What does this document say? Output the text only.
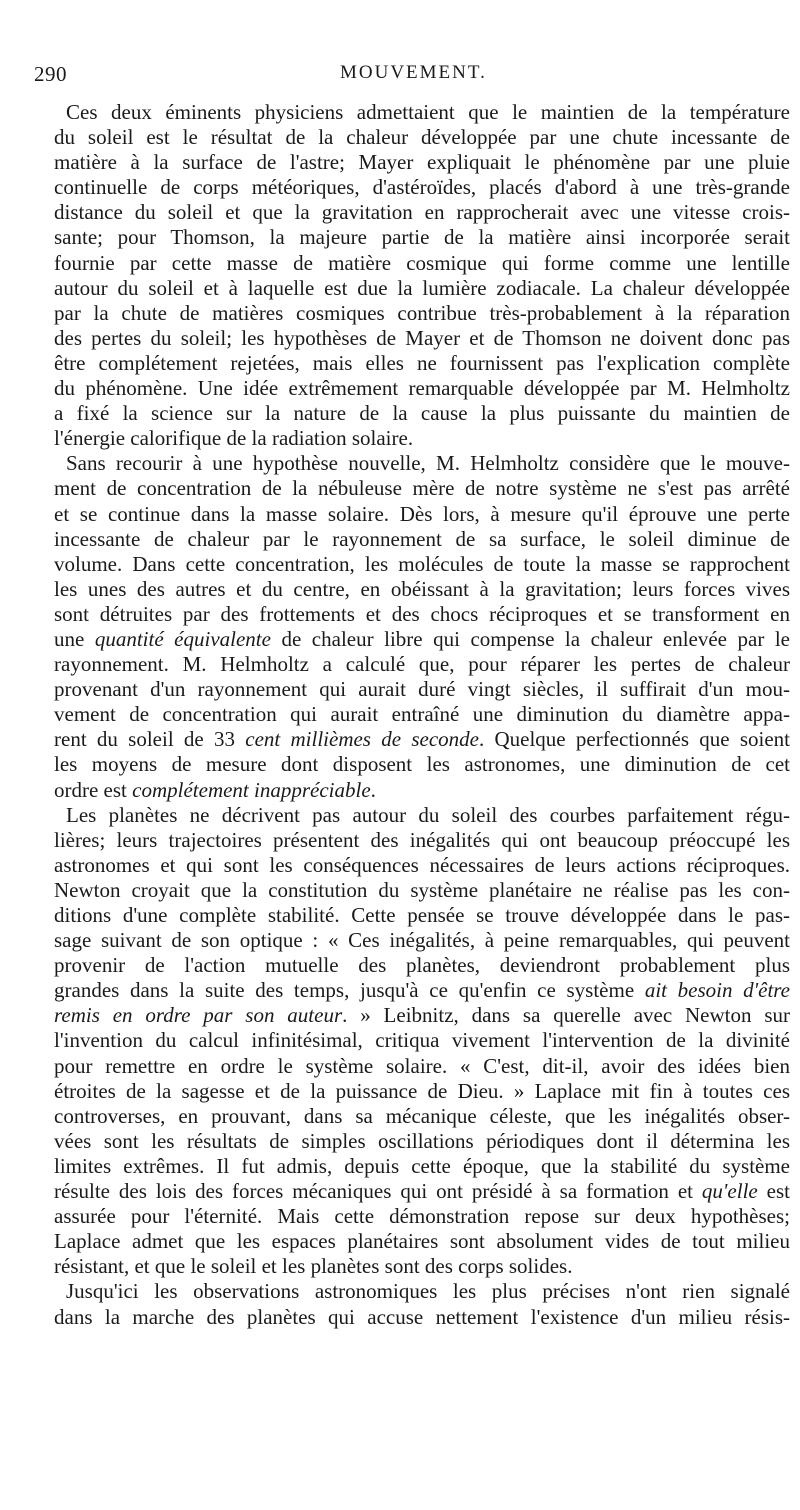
290	MOUVEMENT.
Ces deux éminents physiciens admettaient que le maintien de la température
du soleil est le résultat de la chaleur développée par une chute incessante de
matière à la surface de l'astre; Mayer expliquait le phénomène par une pluie
continuelle de corps météoriques, d'astéroïdes, placés d'abord à une très-grande
distance du soleil et que la gravitation en rapprocherait avec une vitesse crois-
sante; pour Thomson, la majeure partie de la matière ainsi incorporée serait
fournie par cette masse de matière cosmique qui forme comme une lentille
autour du soleil et à laquelle est due la lumière zodiacale. La chaleur développée
par la chute de matières cosmiques contribue très-probablement à la réparation
des pertes du soleil; les hypothèses de Mayer et de Thomson ne doivent donc pas
être complétement rejetées, mais elles ne fournissent pas l'explication complète
du phénomène. Une idée extrêmement remarquable développée par M. Helmholtz
a fixé la science sur la nature de la cause la plus puissante du maintien de
l'énergie calorifique de la radiation solaire.
Sans recourir à une hypothèse nouvelle, M. Helmholtz considère que le mouve-
ment de concentration de la nébuleuse mère de notre système ne s'est pas arrêté
et se continue dans la masse solaire. Dès lors, à mesure qu'il éprouve une perte
incessante de chaleur par le rayonnement de sa surface, le soleil diminue de
volume. Dans cette concentration, les molécules de toute la masse se rapprochent
les unes des autres et du centre, en obéissant à la gravitation; leurs forces vives
sont détruites par des frottements et des chocs réciproques et se transforment en
une quantité équivalente de chaleur libre qui compense la chaleur enlevée par le
rayonnement. M. Helmholtz a calculé que, pour réparer les pertes de chaleur
provenant d'un rayonnement qui aurait duré vingt siècles, il suffirait d'un mou-
vement de concentration qui aurait entraîné une diminution du diamètre appa-
rent du soleil de 33 cent millièmes de seconde. Quelque perfectionnés que soient
les moyens de mesure dont disposent les astronomes, une diminution de cet
ordre est complétement inappréciable.
Les planètes ne décrivent pas autour du soleil des courbes parfaitement régu-
lières; leurs trajectoires présentent des inégalités qui ont beaucoup préoccupé les
astronomes et qui sont les conséquences nécessaires de leurs actions réciproques.
Newton croyait que la constitution du système planétaire ne réalise pas les con-
ditions d'une complète stabilité. Cette pensée se trouve développée dans le pas-
sage suivant de son optique : « Ces inégalités, à peine remarquables, qui peuvent
provenir de l'action mutuelle des planètes, deviendront probablement plus
grandes dans la suite des temps, jusqu'à ce qu'enfin ce système ait besoin d'être
remis en ordre par son auteur. » Leibnitz, dans sa querelle avec Newton sur
l'invention du calcul infinitésimal, critiqua vivement l'intervention de la divinité
pour remettre en ordre le système solaire. « C'est, dit-il, avoir des idées bien
étroites de la sagesse et de la puissance de Dieu. » Laplace mit fin à toutes ces
controverses, en prouvant, dans sa mécanique céleste, que les inégalités obser-
vées sont les résultats de simples oscillations périodiques dont il détermina les
limites extrêmes. Il fut admis, depuis cette époque, que la stabilité du système
résulte des lois des forces mécaniques qui ont présidé à sa formation et qu'elle est
assurée pour l'éternité. Mais cette démonstration repose sur deux hypothèses;
Laplace admet que les espaces planétaires sont absolument vides de tout milieu
résistant, et que le soleil et les planètes sont des corps solides.
Jusqu'ici les observations astronomiques les plus précises n'ont rien signalé
dans la marche des planètes qui accuse nettement l'existence d'un milieu résis-
